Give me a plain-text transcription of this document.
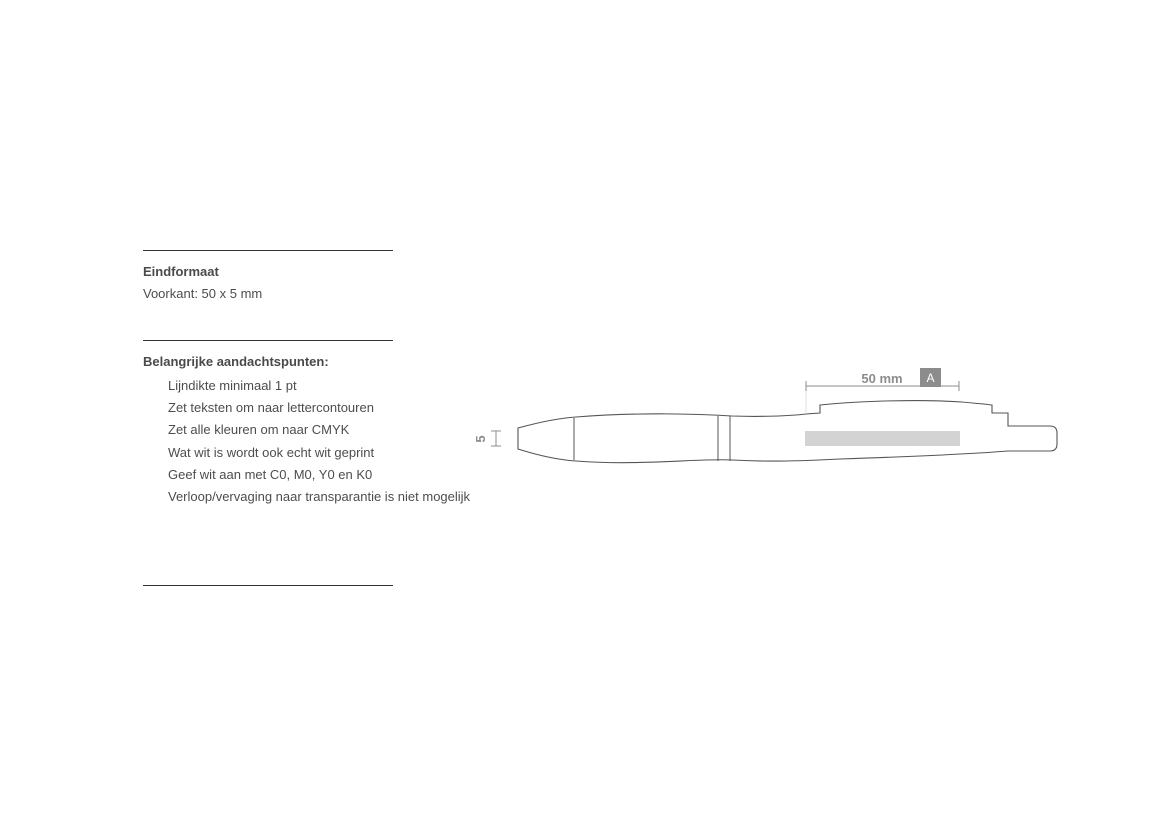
Eindformaat
Voorkant: 50 x 5 mm
Belangrijke aandachtspunten:
Lijndikte minimaal 1 pt
Zet teksten om naar lettercontouren
Zet alle kleuren om naar CMYK
Wat wit is wordt ook echt wit geprint
Geef wit aan met C0, M0, Y0 en K0
Verloop/vervaging naar transparantie is niet mogelijk
50 mm A
5
